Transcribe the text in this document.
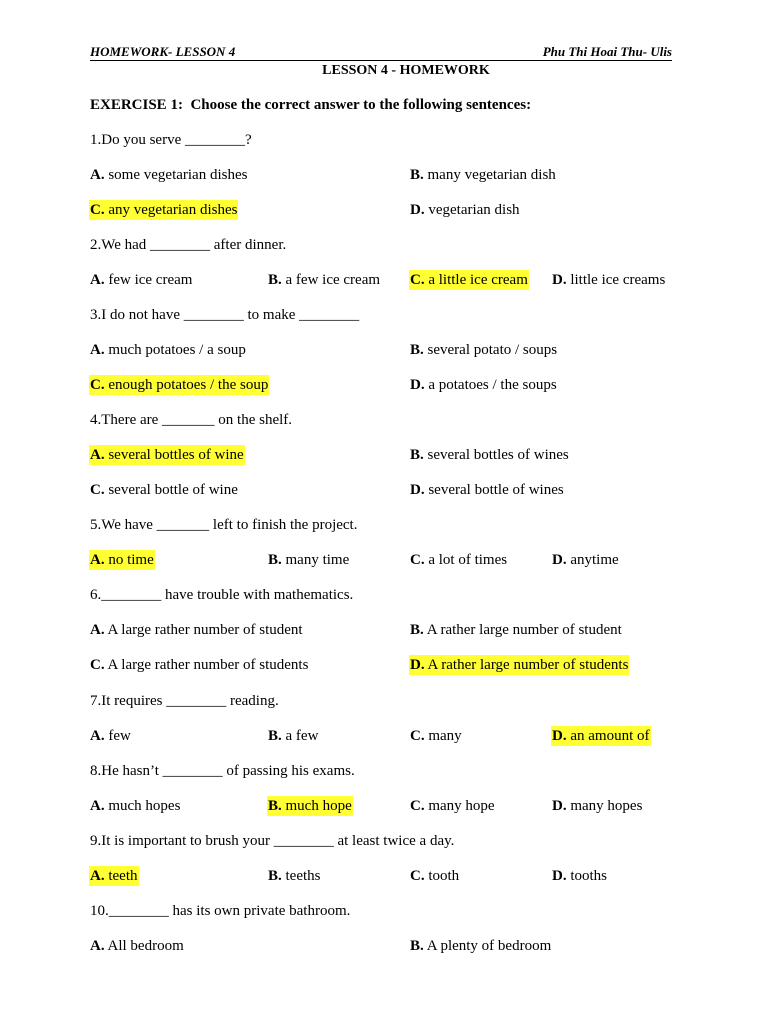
HOMEWORK- LESSON 4	Phu Thi Hoai Thu- Ulis
LESSON 4 - HOMEWORK
EXERCISE 1: Choose the correct answer to the following sentences:
1.Do you serve ________?
A. some vegetarian dishes	B. many vegetarian dish
C. any vegetarian dishes	D. vegetarian dish
2.We had ________ after dinner.
A. few ice cream	B. a few ice cream C. a little ice cream D. little ice creams
3.I do not have ________ to make ________
A. much potatoes / a soup	B. several potato / soups
C. enough potatoes / the soup	D. a potatoes / the soups
4.There are _______ on the shelf.
A. several bottles of wine	B. several bottles of wines
C. several bottle of wine	D. several bottle of wines
5.We have _______ left to finish the project.
A. no time	B. many time	C. a lot of times	D. anytime
6.________ have trouble with mathematics.
A. A large rather number of student	B. A rather large number of student
C. A large rather number of students	D. A rather large number of students
7.It requires ________ reading.
A. few	B. a few	C. many	D. an amount of
8.He hasn’t ________ of passing his exams.
A. much hopes	B. much hope	C. many hope	D. many hopes
9.It is important to brush your ________ at least twice a day.
A. teeth	B. teeths	C. tooth	D. tooths
10.________ has its own private bathroom.
A. All bedroom	B. A plenty of bedroom
